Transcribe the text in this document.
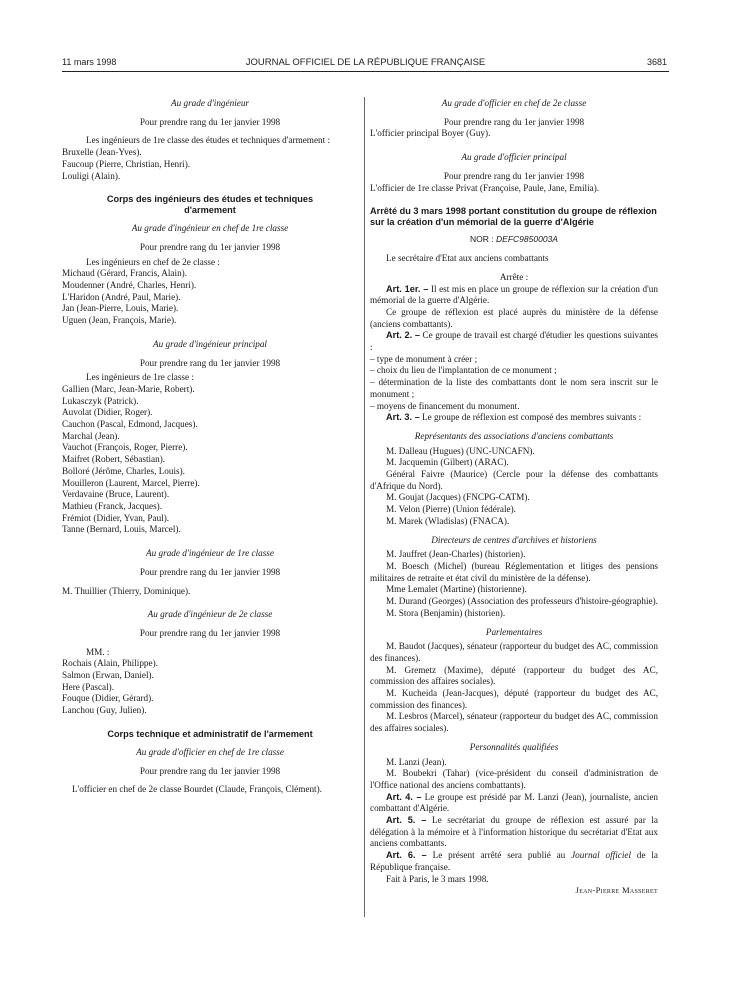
11 mars 1998	JOURNAL OFFICIEL DE LA RÉPUBLIQUE FRANÇAISE	3681

Au grade d'ingénieur

Pour prendre rang du 1er janvier 1998

Les ingénieurs de 1re classe des études et techniques d'armement :

Bruxelle (Jean-Yves).

Faucoup (Pierre, Christian, Henri).

Louligi (Alain).

Corps des ingénieurs des études et techniques d'armement

Au grade d'ingénieur en chef de 1re classe

Pour prendre rang du 1er janvier 1998

Les ingénieurs en chef de 2e classe :

Michaud (Gérard, Francis, Alain).

Moudenner (André, Charles, Henri).

L'Haridon (André, Paul, Marie).

Jan (Jean-Pierre, Louis, Marie).

Uguen (Jean, François, Marie).

Au grade d'ingénieur principal

Pour prendre rang du 1er janvier 1998

Les ingénieurs de 1re classe :

Gallien (Marc, Jean-Marie, Robert).

Lukasczyk (Patrick).

Auvolat (Didier, Roger).

Cauchon (Pascal, Edmond, Jacques).

Marchal (Jean).

Vauchot (François, Roger, Pierre).

Maifret (Robert, Sébastian).

Bolloré (Jérôme, Charles, Louis).

Mouilleron (Laurent, Marcel, Pierre).

Verdavaine (Bruce, Laurent).

Mathieu (Franck, Jacques).

Frémiot (Didier, Yvan, Paul).

Tanne (Bernard, Louis, Marcel).

Au grade d'ingénieur de 1re classe

Pour prendre rang du 1er janvier 1998

M. Thuillier (Thierry, Dominique).

Au grade d'ingénieur de 2e classe

Pour prendre rang du 1er janvier 1998

MM. :

Rochais (Alain, Philippe).

Salmon (Erwan, Daniel).

Here (Pascal).

Fouque (Didier, Gérard).

Lanchou (Guy, Julien).

Corps technique et administratif de l'armement

Au grade d'officier en chef de 1re classe

Pour prendre rang du 1er janvier 1998

L'officier en chef de 2e classe Bourdet (Claude, François, Clément).

Au grade d'officier en chef de 2e classe

Pour prendre rang du 1er janvier 1998

L'officier principal Boyer (Guy).

Au grade d'officier principal

Pour prendre rang du 1er janvier 1998

L'officier de 1re classe Privat (Françoise, Paule, Jane, Emilia).

Arrêté du 3 mars 1998 portant constitution du groupe de réflexion sur la création d'un mémorial de la guerre d'Algérie

NOR : DEFC9850003A

Le secrétaire d'Etat aux anciens combattants

Arrête :

Art. 1er. – Il est mis en place un groupe de réflexion sur la création d'un mémorial de la guerre d'Algérie.

Ce groupe de réflexion est placé auprès du ministère de la défense (anciens combattants).

Art. 2. – Ce groupe de travail est chargé d'étudier les questions suivantes :

– type de monument à créer ;

– choix du lieu de l'implantation de ce monument ;

– détermination de la liste des combattants dont le nom sera inscrit sur le monument ;

– moyens de financement du monument.

Art. 3. – Le groupe de réflexion est composé des membres suivants :

Représentants des associations d'anciens combattants

M. Dalleau (Hugues) (UNC-UNCAFN).

M. Jacquemin (Gilbert) (ARAC).

Général Faivre (Maurice) (Cercle pour la défense des combattants d'Afrique du Nord).

M. Goujat (Jacques) (FNCPG-CATM).

M. Velon (Pierre) (Union fédérale).

M. Marek (Wladislas) (FNACA).

Directeurs de centres d'archives et historiens

M. Jauffret (Jean-Charles) (historien).

M. Boesch (Michel) (bureau Réglementation et litiges des pensions militaires de retraite et état civil du ministère de la défense).

Mme Lemalet (Martine) (historienne).

M. Durand (Georges) (Association des professeurs d'histoire-géographie).

M. Stora (Benjamin) (historien).

Parlementaires

M. Baudot (Jacques), sénateur (rapporteur du budget des AC, commission des finances).

M. Gremetz (Maxime), député (rapporteur du budget des AC, commission des affaires sociales).

M. Kucheida (Jean-Jacques), député (rapporteur du budget des AC, commission des finances).

M. Lesbros (Marcel), sénateur (rapporteur du budget des AC, commission des affaires sociales).

Personnalités qualifiées

M. Lanzi (Jean).

M. Boubekri (Tahar) (vice-président du conseil d'administration de l'Office national des anciens combattants).

Art. 4. – Le groupe est présidé par M. Lanzi (Jean), journaliste, ancien combattant d'Algérie.

Art. 5. – Le secrétariat du groupe de réflexion est assuré par la délégation à la mémoire et à l'information historique du secrétariat d'Etat aux anciens combattants.

Art. 6. – Le présent arrêté sera publié au Journal officiel de la République française.

Fait à Paris, le 3 mars 1998.

Jean-Pierre Masseret
